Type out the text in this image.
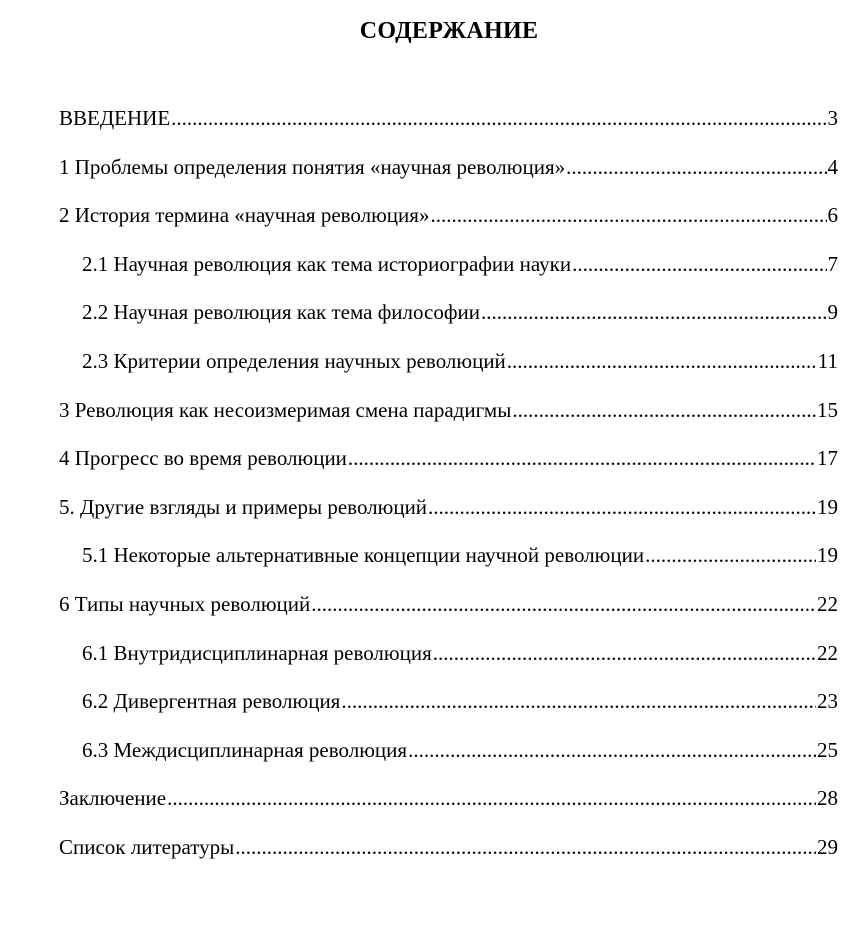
СОДЕРЖАНИЕ
ВВЕДЕНИЕ .....	3
1 Проблемы определения понятия «научная революция» .....	4
2 История термина «научная революция» .....	6
2.1 Научная революция как тема историографии науки .....	7
2.2 Научная революция как тема философии .....	9
2.3 Критерии определения научных революций .....	11
3 Революция как несоизмеримая смена парадигмы .....	15
4 Прогресс во время революции .....	17
5. Другие взгляды и примеры революций .....	19
5.1 Некоторые альтернативные концепции научной революции .....	19
6 Типы научных революций .....	22
6.1 Внутридисциплинарная революция .....	22
6.2 Дивергентная революция .....	23
6.3 Междисциплинарная революция .....	25
Заключение .....	28
Список литературы .....	29
